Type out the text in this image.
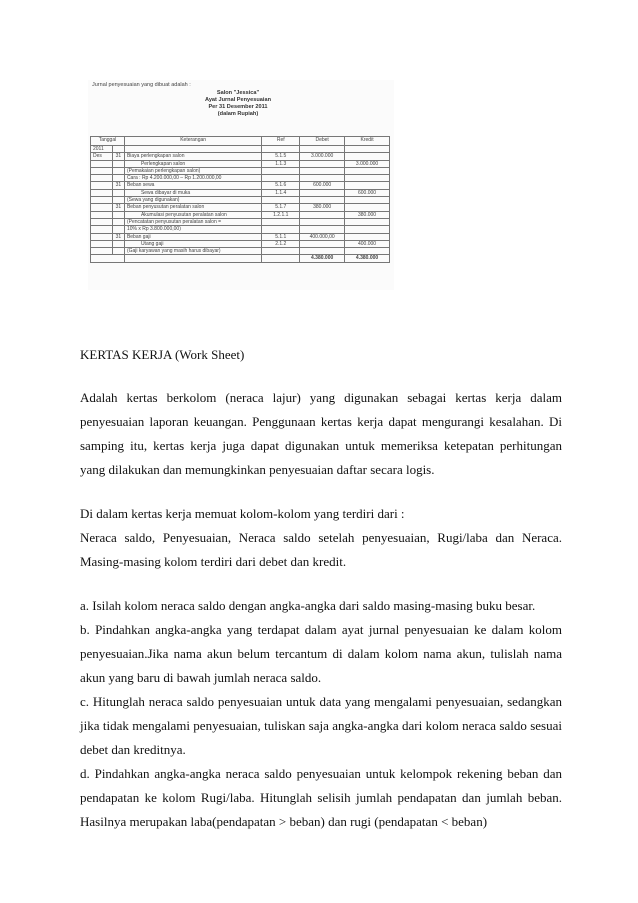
Jurnal penyesuaian yang dibuat adalah :
Salon "Jessica"
Ayat Jurnal Penyesuaian
Per 31 Desember 2011
(dalam Rupiah)
Tanggal		Keterangan	Ref	Debet	Kredit
2011					
Des	31	Biaya perlengkapan salon	5.1.5	3.000.000	

		Perlengkapan salon	1.1.3		3.000.000
		(Pemakaian perlengkapan salon)			
		Cara : Rp 4.200.000,00 – Rp 1.200.000,00			
	31	Beban sewa	5.1.6	600.000	

		Sewa dibayar di muka	1.1.4		600.000
		(Sewa yang digunakan)			
	31	Beban penyusutan peralatan salon	5.1.7	380.000	

		Akumulasi penyusutan peralatan salon	1.2.1.1		380.000
		(Pencatatan penyusutan peralatan salon =			
		10% x Rp 3.800.000,00)			
	31	Beban gaji	5.1.1	400.000,00	

		Utang gaji	2.1.2		400.000
		(Gaji karyawan yang masih harus dibayar)			
				4.380.000	4.380.000

KERTAS KERJA (Work Sheet)

Adalah kertas berkolom (neraca lajur) yang digunakan sebagai kertas kerja dalam penyesuaian laporan keuangan. Penggunaan kertas kerja dapat mengurangi kesalahan. Di samping itu, kertas kerja juga dapat digunakan untuk memeriksa ketepatan perhitungan yang dilakukan dan memungkinkan penyesuaian daftar secara logis.

Di dalam kertas kerja memuat kolom-kolom yang terdiri dari :

Neraca saldo, Penyesuaian, Neraca saldo setelah penyesuaian, Rugi/laba dan Neraca. Masing-masing kolom terdiri dari debet dan kredit.

a. Isilah kolom neraca saldo dengan angka-angka dari saldo masing-masing buku besar.

b. Pindahkan angka-angka yang terdapat dalam ayat jurnal penyesuaian ke dalam kolom penyesuaian.Jika nama akun belum tercantum di dalam kolom nama akun, tulislah nama akun yang baru di bawah jumlah neraca saldo.

c. Hitunglah neraca saldo penyesuaian untuk data yang mengalami penyesuaian, sedangkan jika tidak mengalami penyesuaian, tuliskan saja angka-angka dari kolom neraca saldo sesuai debet dan kreditnya.

d. Pindahkan angka-angka neraca saldo penyesuaian untuk kelompok rekening beban dan pendapatan ke kolom Rugi/laba. Hitunglah selisih jumlah pendapatan dan jumlah beban. Hasilnya merupakan laba(pendapatan > beban) dan rugi (pendapatan < beban)
